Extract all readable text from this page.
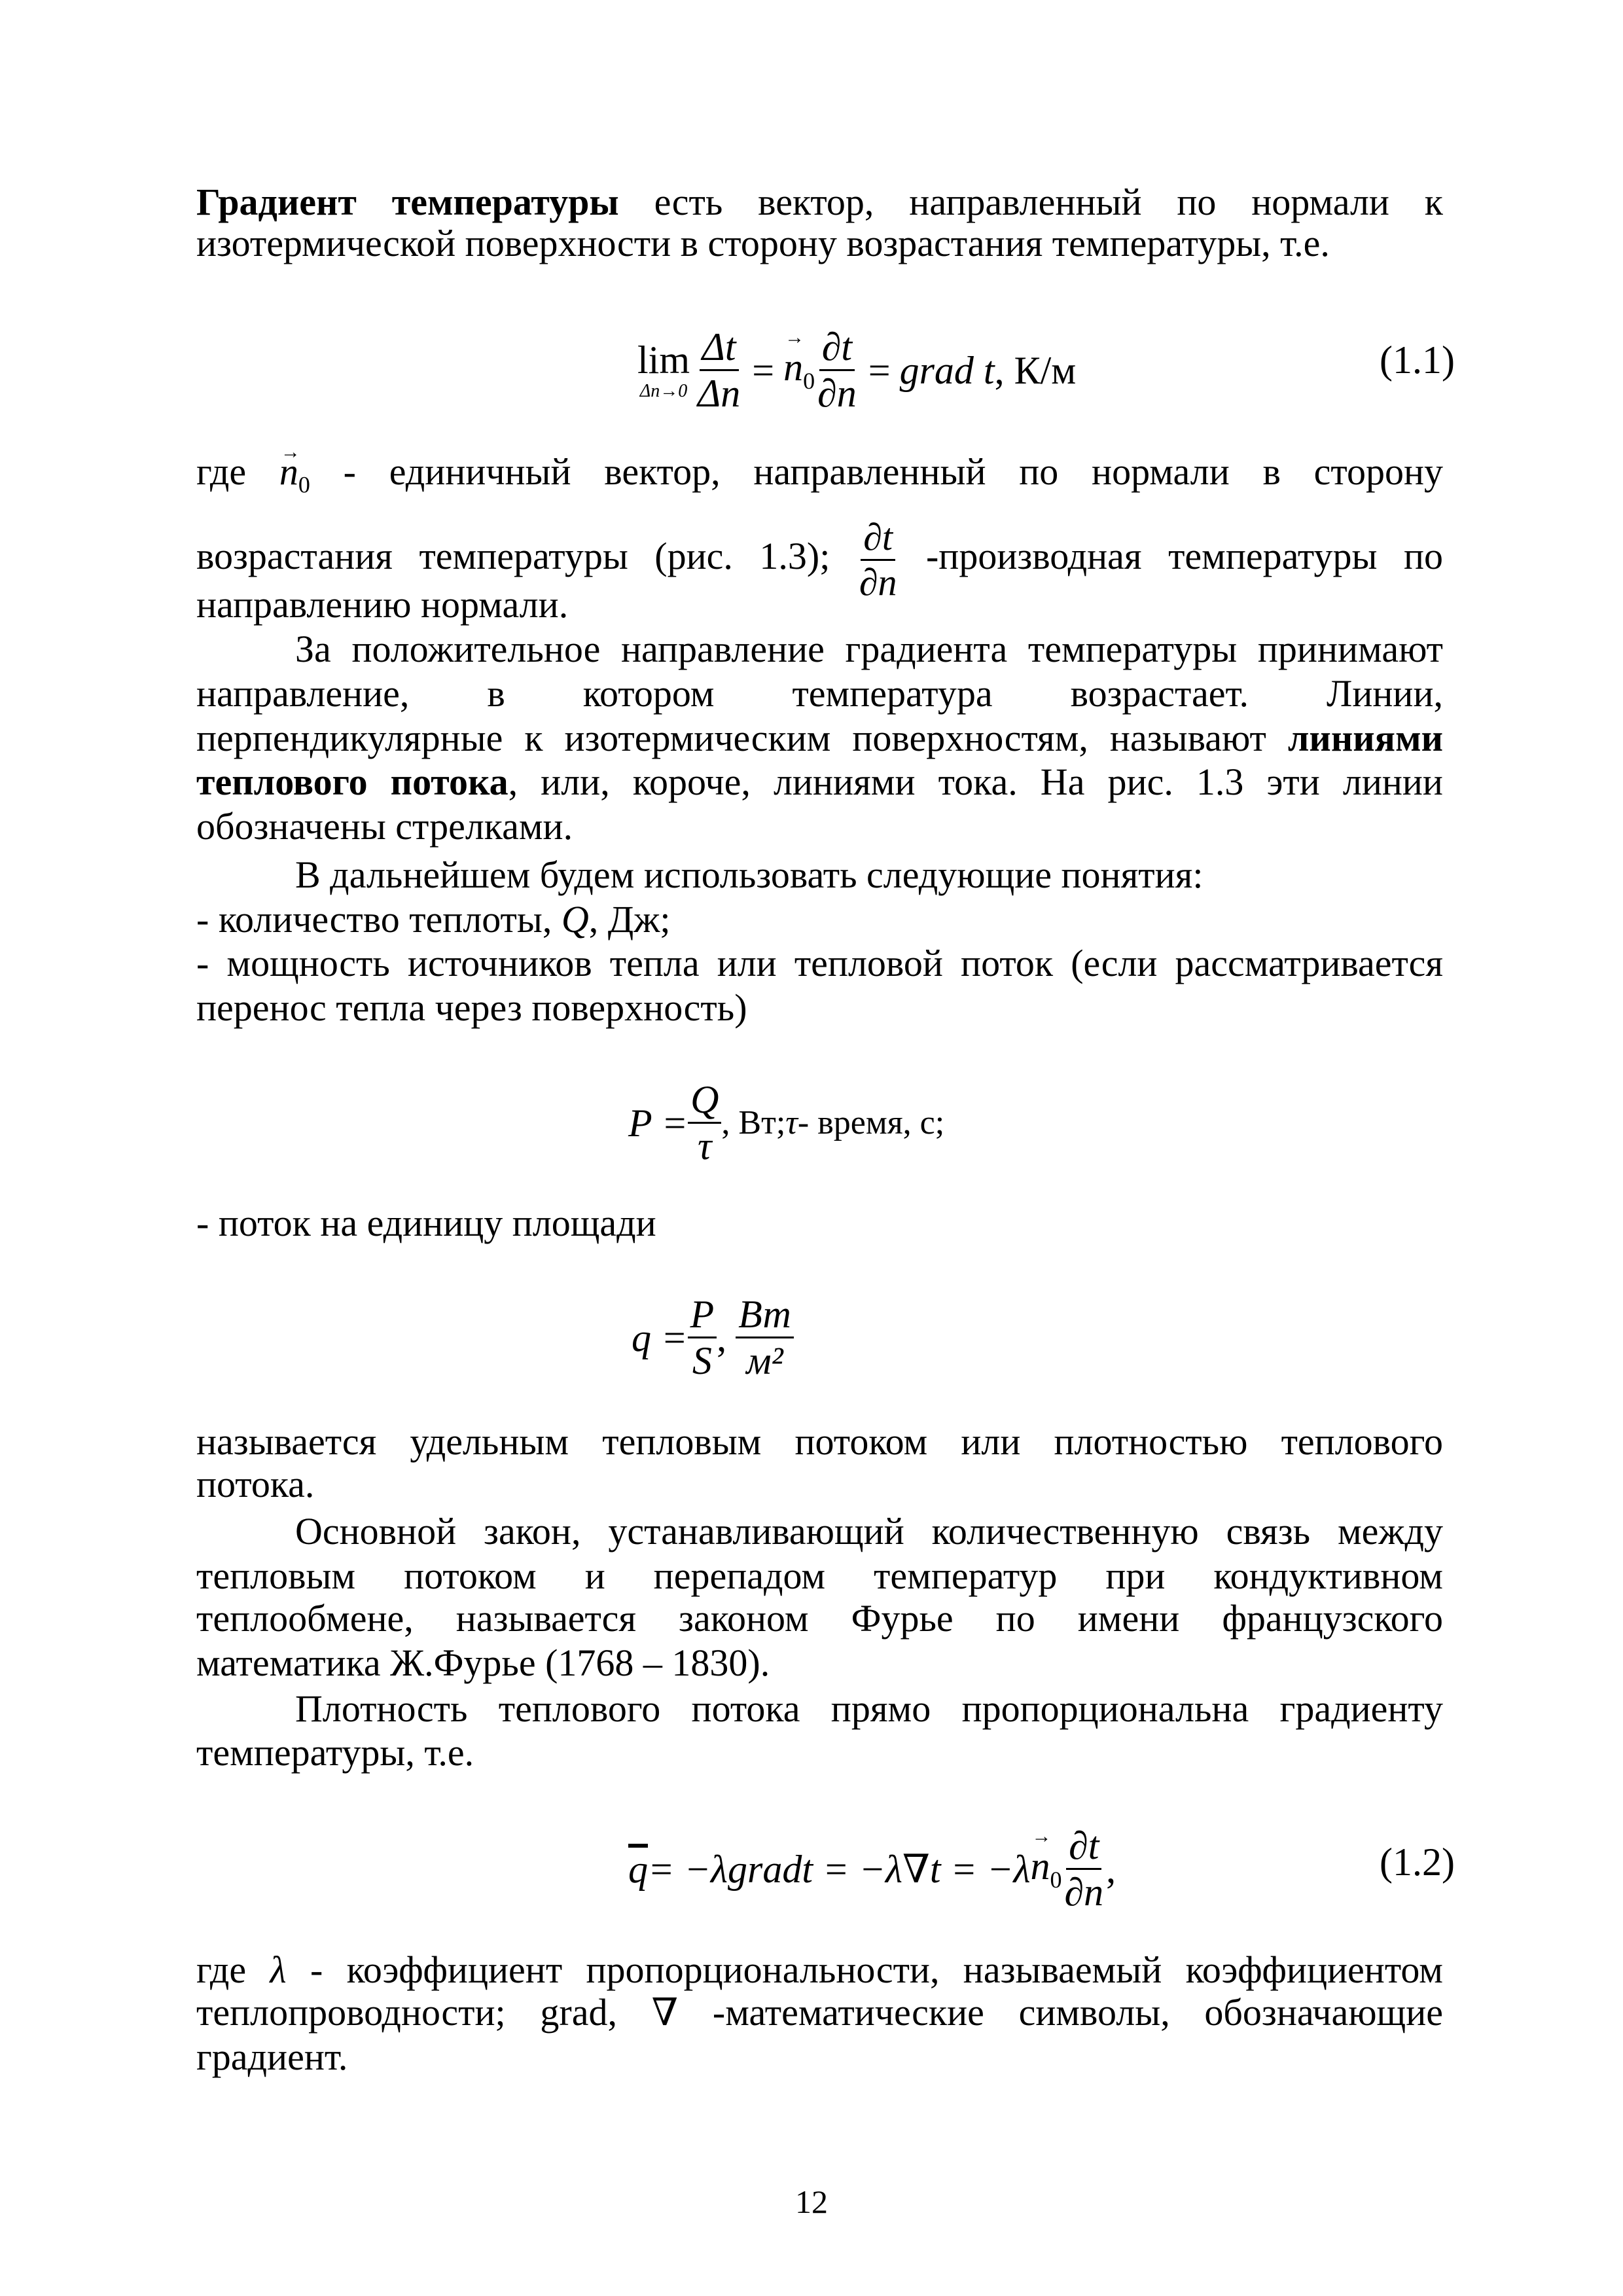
Градиент температуры есть вектор, направленный по нормали к
изотермической поверхности в сторону возрастания температуры, т.е.
где → $n_0$ - единичный вектор, направленный по нормали в сторону
возрастания температуры (рис. 1.3); $\frac{\partial t}{\partial n}$ -производная температуры по
направлению нормали.
За положительное направление градиента температуры принимают
направление, в котором температура возрастает. Линии,
перпендикулярные к изотермическим поверхностям, называют линиями
теплового потока, или, короче, линиями тока. На рис. 1.3 эти линии
обозначены стрелками.
В дальнейшем будем использовать следующие понятия:
- количество теплоты, Q, Дж;
- мощность источников тепла или тепловой поток (если рассматривается
перенос тепла через поверхность)
- поток на единицу площади
называется удельным тепловым потоком или плотностью теплового
потока.
Основной закон, устанавливающий количественную связь между
тепловым потоком и перепадом температур при кондуктивном
теплообмене, называется законом Фурье по имени французского
математика Ж.Фурье (1768 – 1830).
Плотность теплового потока прямо пропорциональна градиенту
температуры, т.е.
где λ - коэффициент пропорциональности, называемый коэффициентом
теплопроводности; grad, ∇ -математические символы, обозначающие
градиент.
lim
$\Delta n\to 0 \frac{\Delta t}{\Delta n}$ = → $n_0 \frac{\partial t}{\partial n}$ = grad t , К/м	(1.1)
$P = \frac{Q}{\tau}$ , Вт; τ - время, с;
$q = \frac{P}{S}$ , $\frac{Вт}{\text{м²}}$
$\overline{q}$ = −λgradt = $-\lambda\nabla t = -\lambda \to n_0 \frac{\partial t}{\partial n}$ ,	(1.2)
12
